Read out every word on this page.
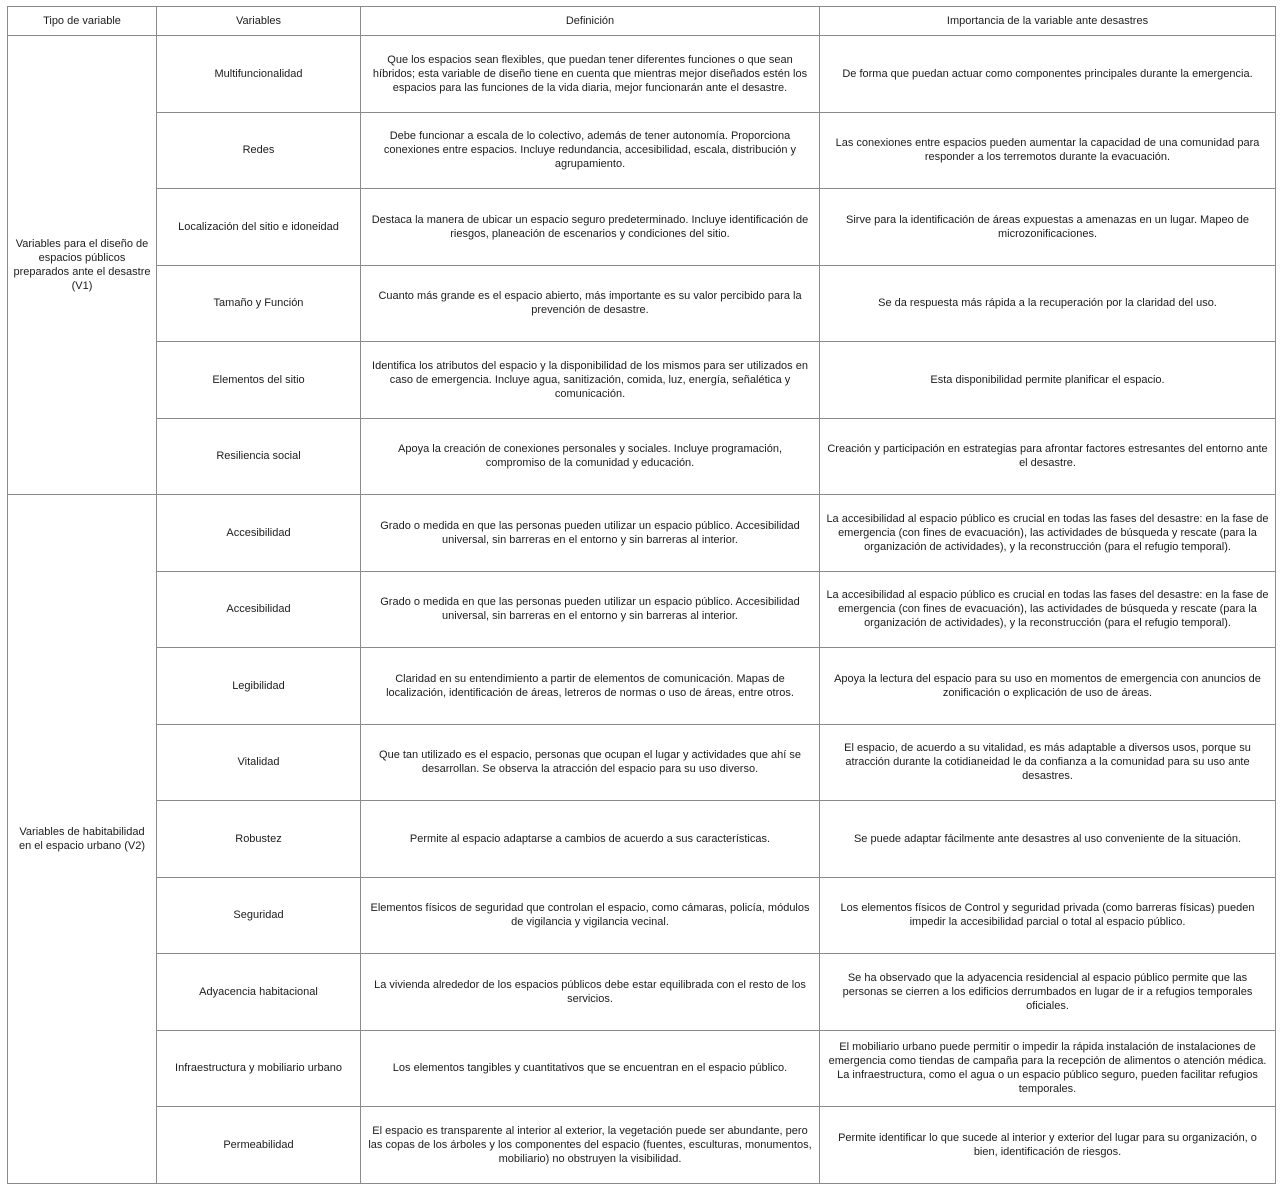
Tipo de variable	Variables	Definición	Importancia de la variable ante desastres
Variables para el diseño de espacios públicos preparados ante el desastre (V1)	Multifuncionalidad	Que los espacios sean flexibles, que puedan tener diferentes funciones o que sean híbridos; esta variable de diseño tiene en cuenta que mientras mejor diseñados estén los espacios para las funciones de la vida diaria, mejor funcionarán ante el desastre.	De forma que puedan actuar como componentes principales durante la emergencia.
	Redes	Debe funcionar a escala de lo colectivo, además de tener autonomía. Proporciona conexiones entre espacios. Incluye redundancia, accesibilidad, escala, distribución y agrupamiento.	Las conexiones entre espacios pueden aumentar la capacidad de una comunidad para responder a los terremotos durante la evacuación.
	Localización del sitio e idoneidad	Destaca la manera de ubicar un espacio seguro predeterminado. Incluye identificación de riesgos, planeación de escenarios y condiciones del sitio.	Sirve para la identificación de áreas expuestas a amenazas en un lugar. Mapeo de microzonificaciones.
	Tamaño y Función	Cuanto más grande es el espacio abierto, más importante es su valor percibido para la prevención de desastre.	Se da respuesta más rápida a la recuperación por la claridad del uso.
	Elementos del sitio	Identifica los atributos del espacio y la disponibilidad de los mismos para ser utilizados en caso de emergencia. Incluye agua, sanitización, comida, luz, energía, señalética y comunicación.	Esta disponibilidad permite planificar el espacio.
	Resiliencia social	Apoya la creación de conexiones personales y sociales. Incluye programación, compromiso de la comunidad y educación.	Creación y participación en estrategias para afrontar factores estresantes del entorno ante el desastre.
Variables de habitabilidad en el espacio urbano (V2)	Accesibilidad	Grado o medida en que las personas pueden utilizar un espacio público. Accesibilidad universal, sin barreras en el entorno y sin barreras al interior.	La accesibilidad al espacio público es crucial en todas las fases del desastre: en la fase de emergencia (con fines de evacuación), las actividades de búsqueda y rescate (para la organización de actividades), y la reconstrucción (para el refugio temporal).
	Accesibilidad	Grado o medida en que las personas pueden utilizar un espacio público. Accesibilidad universal, sin barreras en el entorno y sin barreras al interior.	La accesibilidad al espacio público es crucial en todas las fases del desastre: en la fase de emergencia (con fines de evacuación), las actividades de búsqueda y rescate (para la organización de actividades), y la reconstrucción (para el refugio temporal).
	Legibilidad	Claridad en su entendimiento a partir de elementos de comunicación. Mapas de localización, identificación de áreas, letreros de normas o uso de áreas, entre otros.	Apoya la lectura del espacio para su uso en momentos de emergencia con anuncios de zonificación o explicación de uso de áreas.
	Vitalidad	Que tan utilizado es el espacio, personas que ocupan el lugar y actividades que ahí se desarrollan. Se observa la atracción del espacio para su uso diverso.	El espacio, de acuerdo a su vitalidad, es más adaptable a diversos usos, porque su atracción durante la cotidianeidad le da confianza a la comunidad para su uso ante desastres.
	Robustez	Permite al espacio adaptarse a cambios de acuerdo a sus características.	Se puede adaptar fácilmente ante desastres al uso conveniente de la situación.
	Seguridad	Elementos físicos de seguridad que controlan el espacio, como cámaras, policía, módulos de vigilancia y vigilancia vecinal.	Los elementos físicos de Control y seguridad privada (como barreras físicas) pueden impedir la accesibilidad parcial o total al espacio público.
	Adyacencia habitacional	La vivienda alrededor de los espacios públicos debe estar equilibrada con el resto de los servicios.	Se ha observado que la adyacencia residencial al espacio público permite que las personas se cierren a los edificios derrumbados en lugar de ir a refugios temporales oficiales.
	Infraestructura y mobiliario urbano	Los elementos tangibles y cuantitativos que se encuentran en el espacio público.	El mobiliario urbano puede permitir o impedir la rápida instalación de instalaciones de emergencia como tiendas de campaña para la recepción de alimentos o atención médica. La infraestructura, como el agua o un espacio público seguro, pueden facilitar refugios temporales.
	Permeabilidad	El espacio es transparente al interior al exterior, la vegetación puede ser abundante, pero las copas de los árboles y los componentes del espacio (fuentes, esculturas, monumentos, mobiliario) no obstruyen la visibilidad.	Permite identificar lo que sucede al interior y exterior del lugar para su organización, o bien, identificación de riesgos.
